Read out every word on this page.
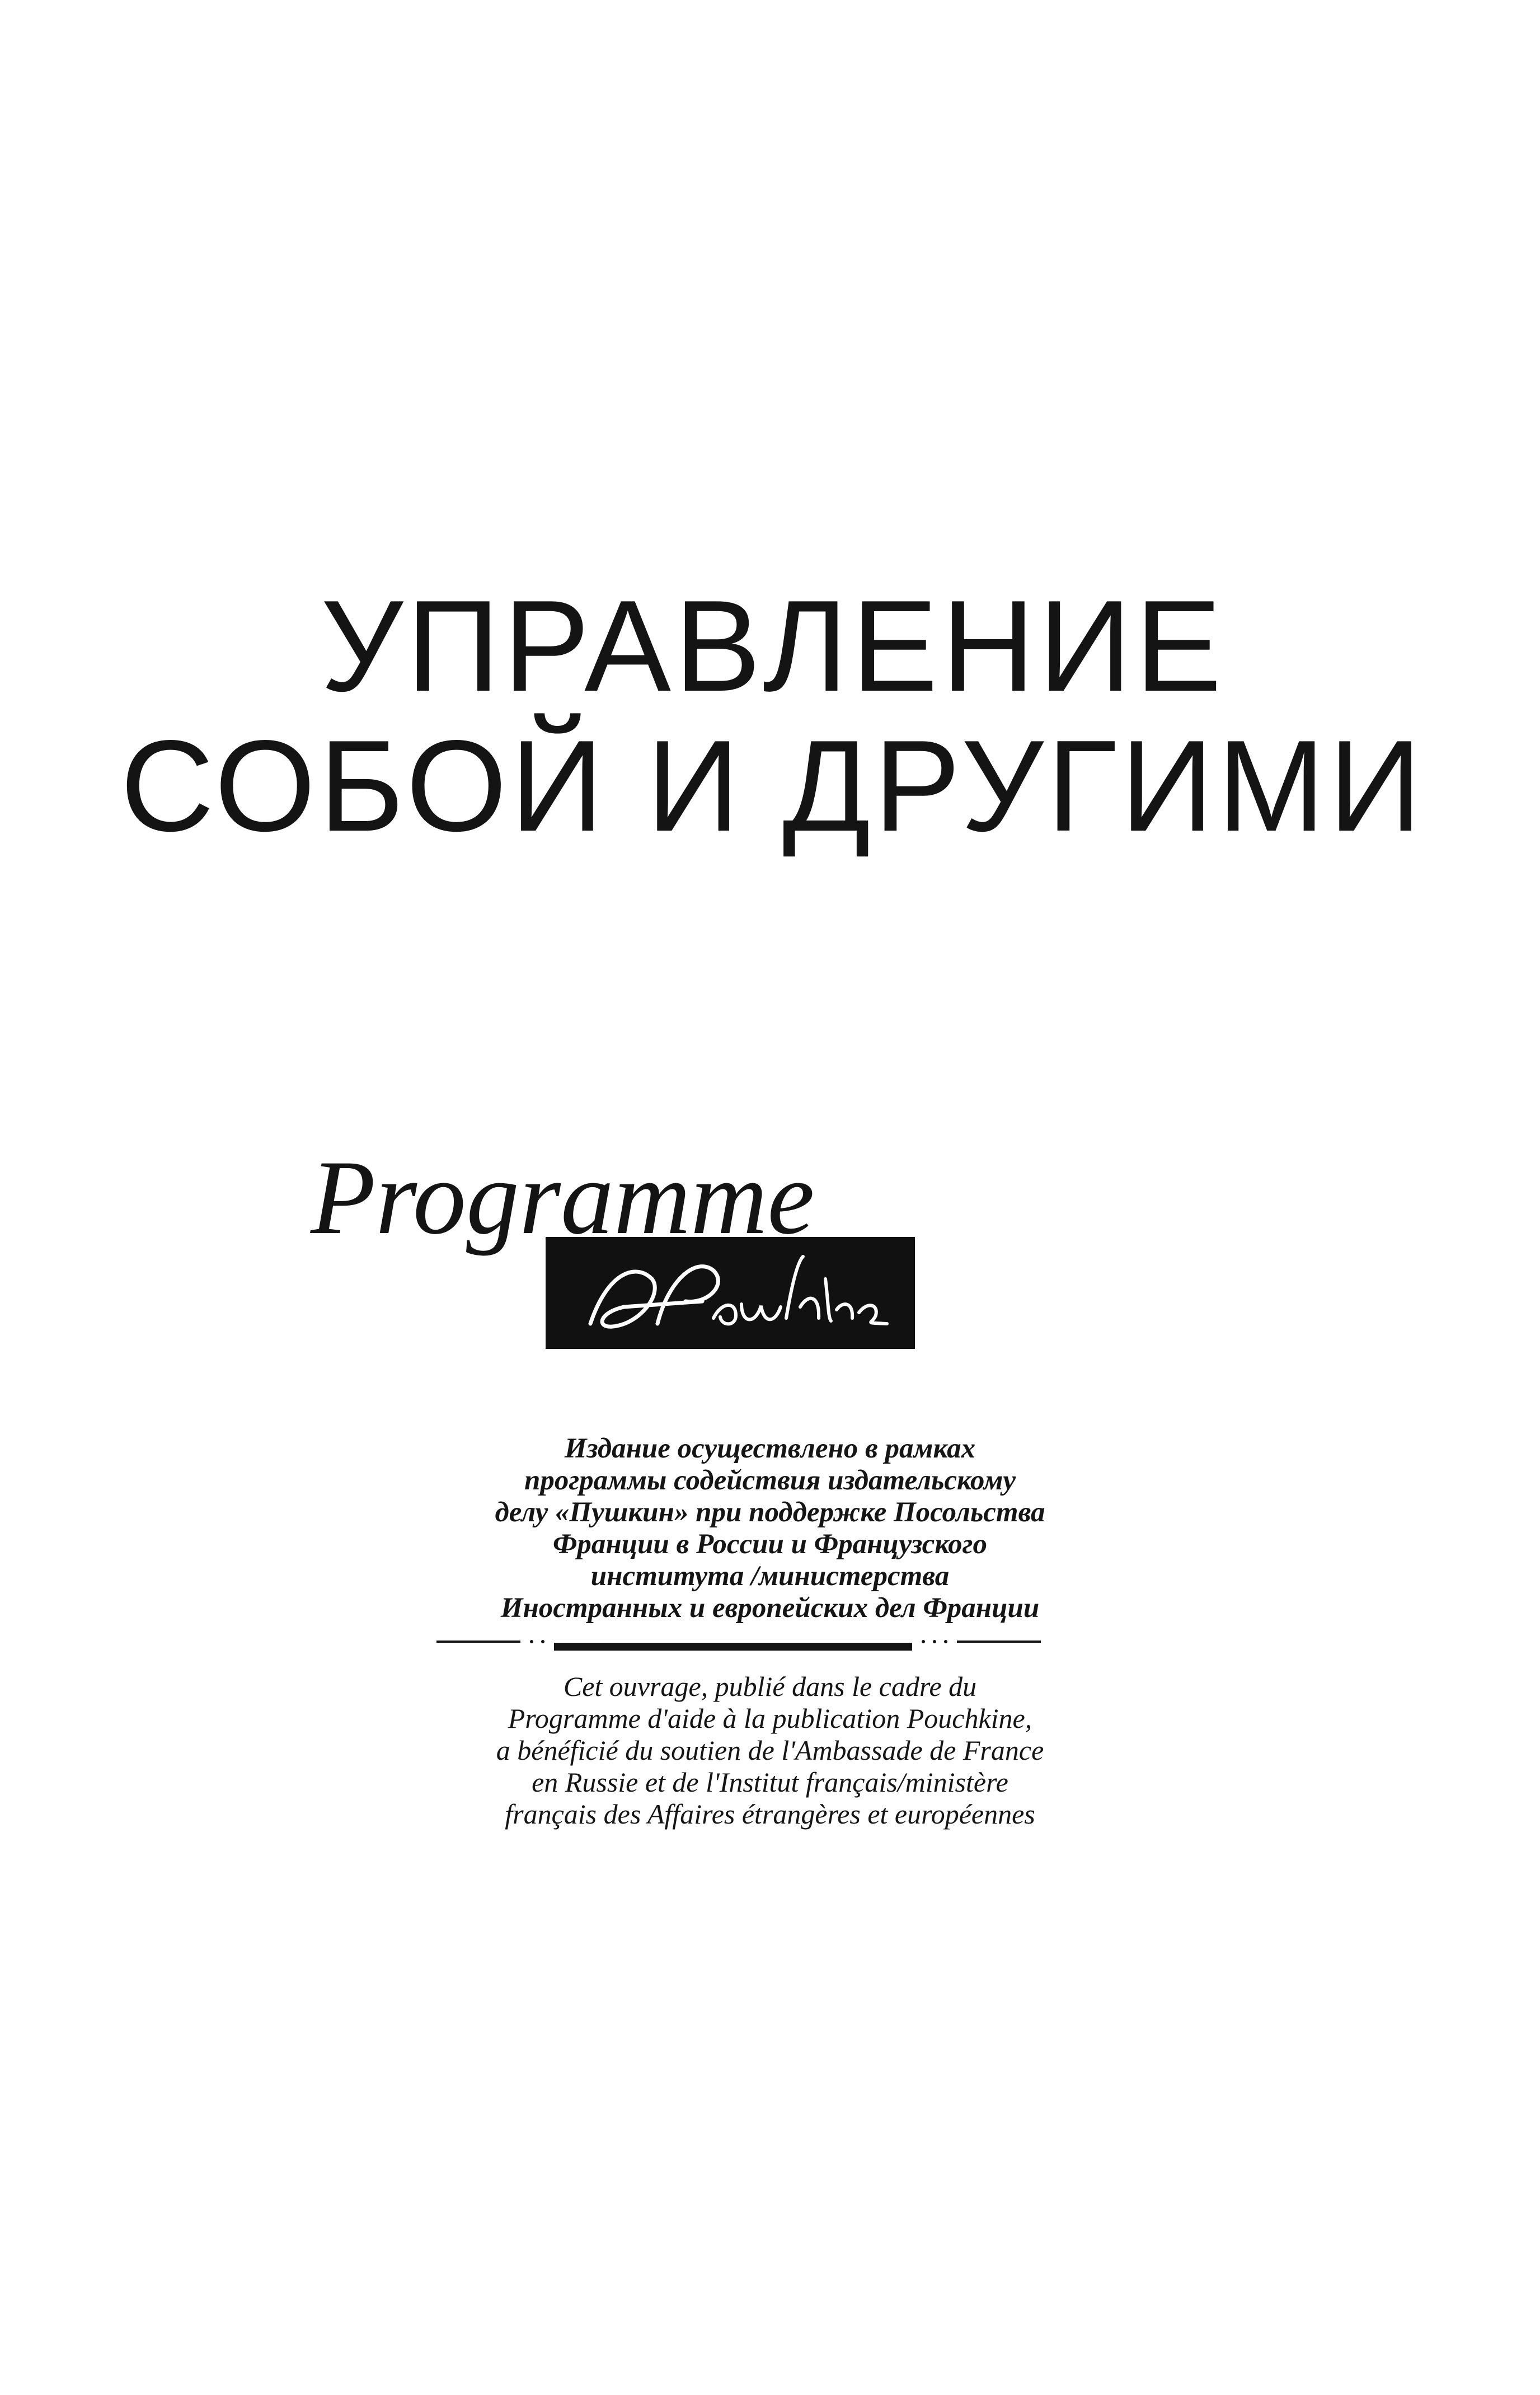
УПРАВЛЕНИЕ
СОБОЙ И ДРУГИМИ
Programme
Издание осуществлено в рамках
программы содействия издательскому
делу «Пушкин» при поддержке Посольства
Франции в России и Французского
института /министерства
Иностранных и европейских дел Франции
Cet ouvrage, publié dans le cadre du
Programme d'aide à la publication Pouchkine,
a bénéficié du soutien de l'Ambassade de France
en Russie et de l'Institut français/ministère
français des Affaires étrangères et européennes
